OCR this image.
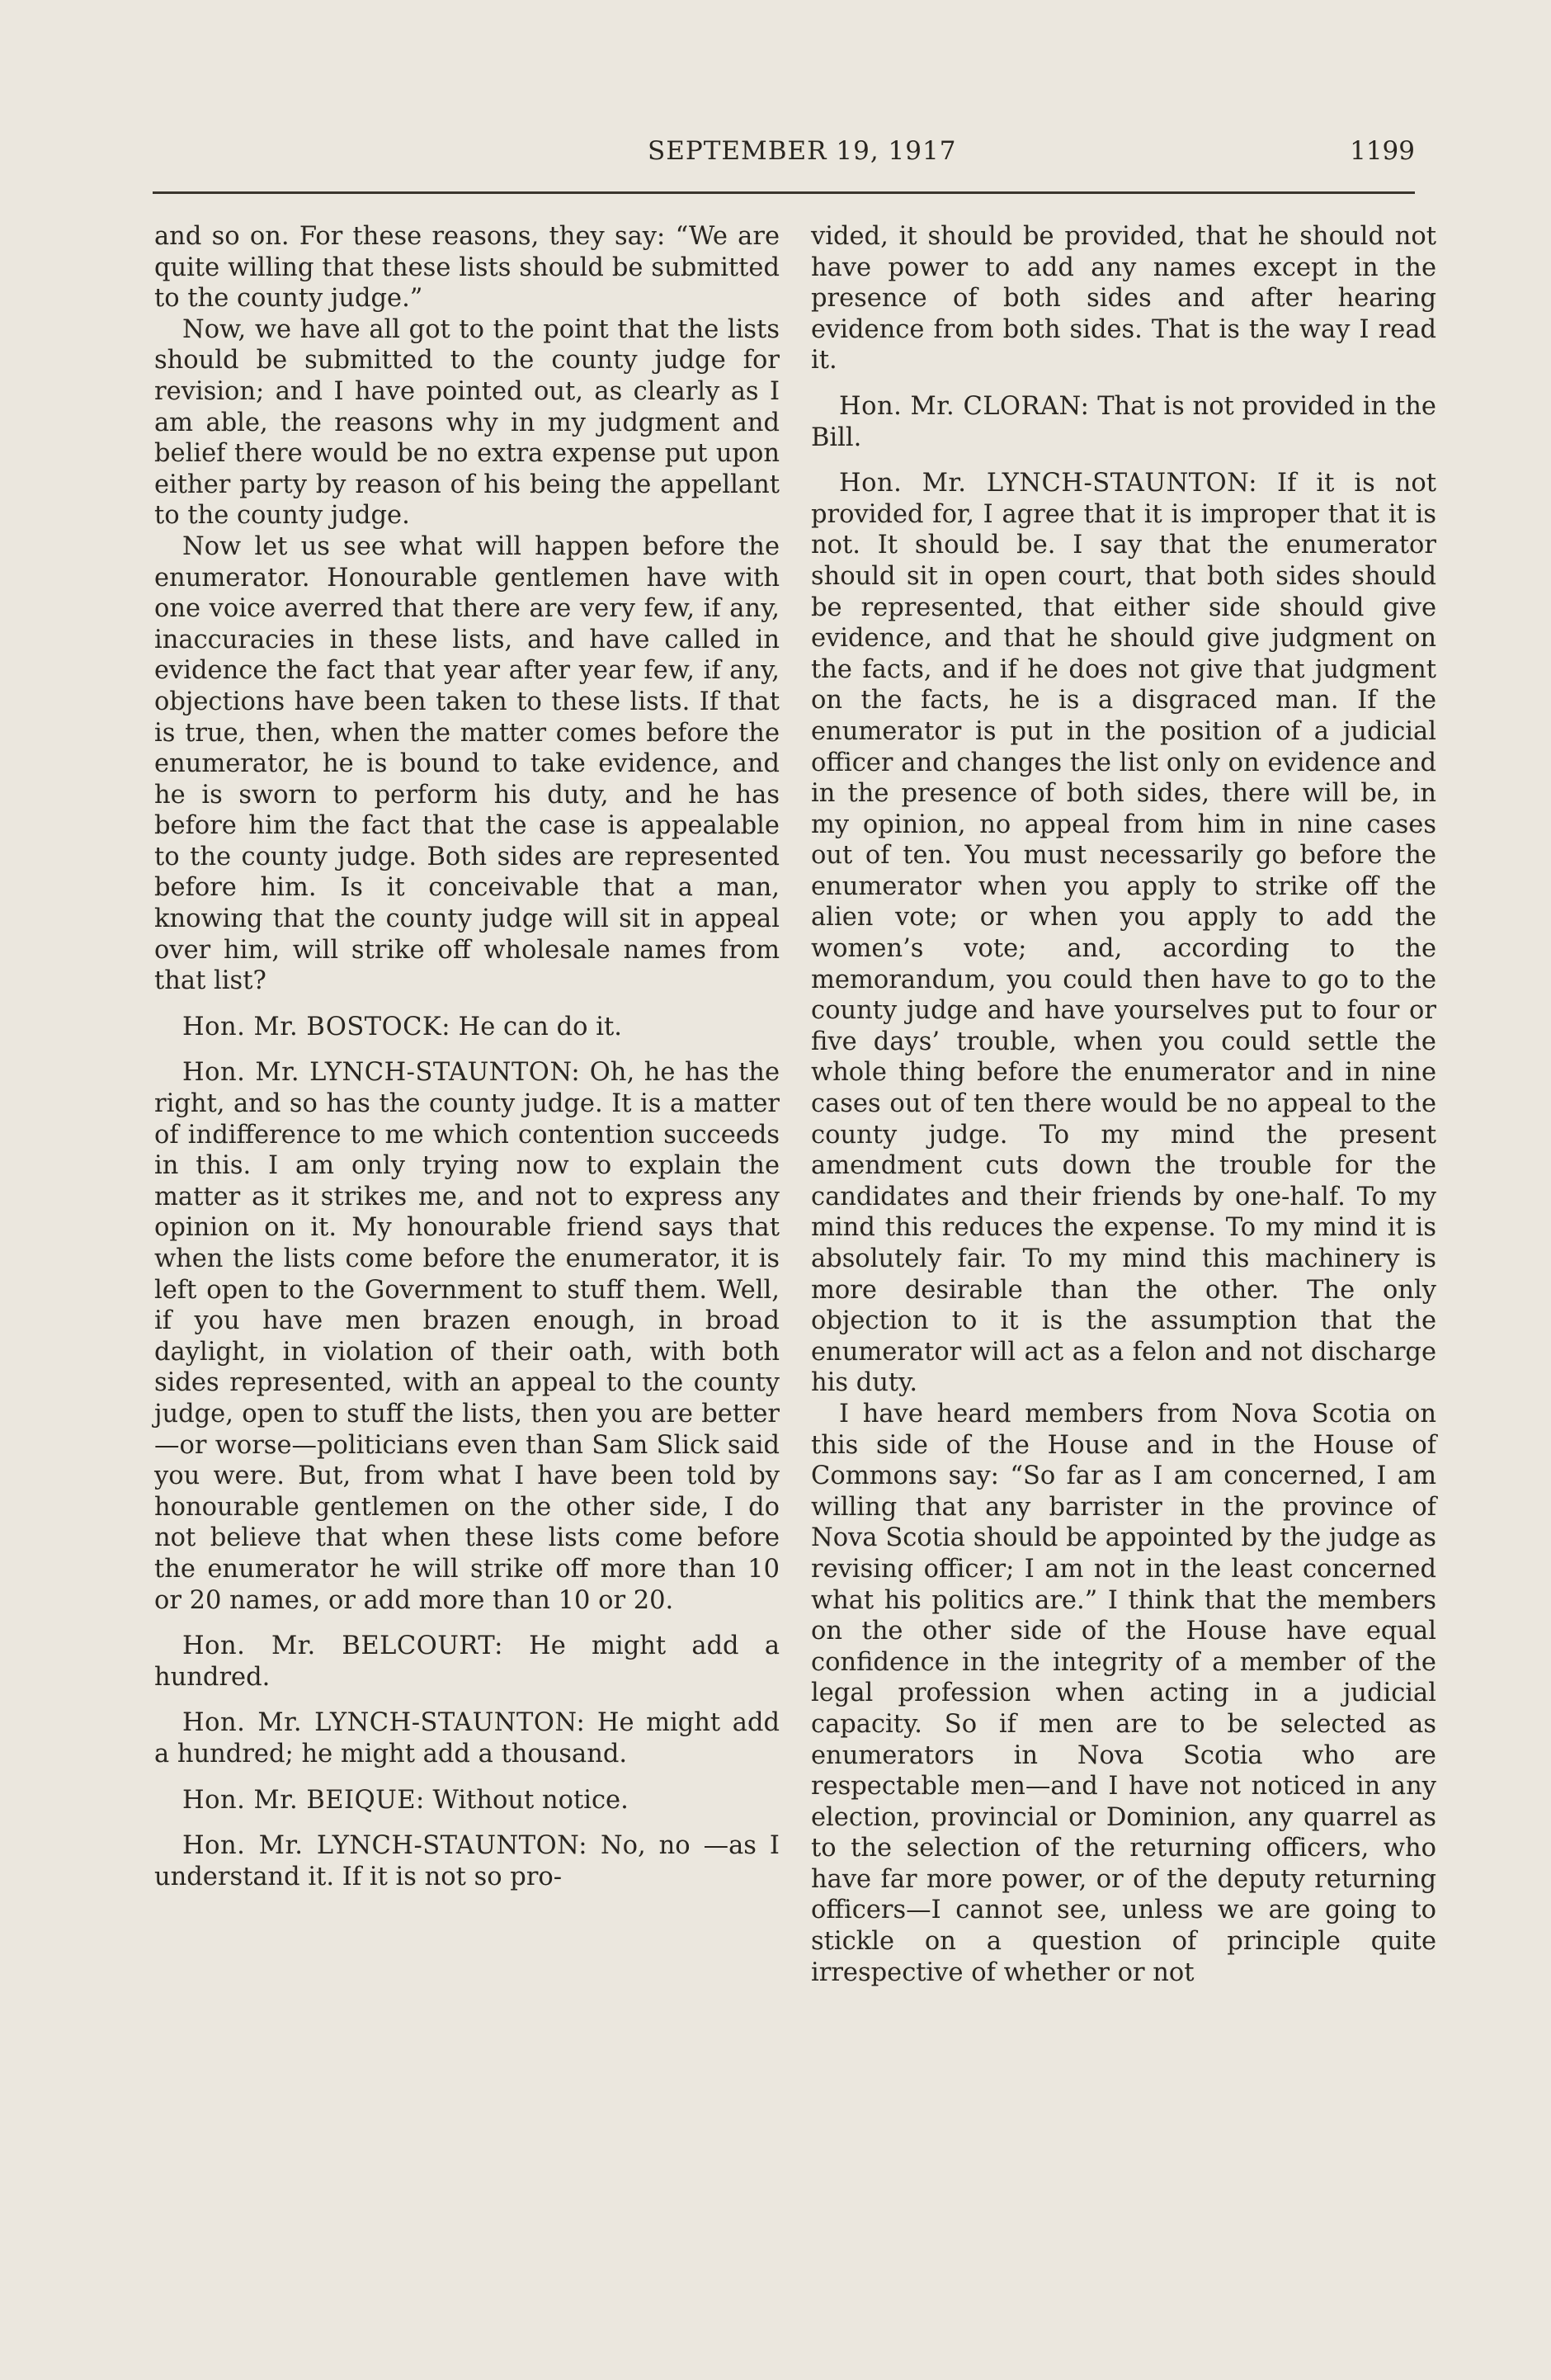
SEPTEMBER 19, 1917	1199

and so on. For these reasons, they say: “We are quite willing that these lists should be submitted to the county judge.”

Now, we have all got to the point that the lists should be submitted to the county judge for revision; and I have pointed out, as clearly as I am able, the reasons why in my judgment and belief there would be no extra expense put upon either party by reason of his being the appellant to the county judge.

Now let us see what will happen before the enumerator. Honourable gentlemen have with one voice averred that there are very few, if any, inaccuracies in these lists, and have called in evidence the fact that year after year few, if any, objections have been taken to these lists. If that is true, then, when the matter comes before the enumerator, he is bound to take evidence, and he is sworn to perform his duty, and he has before him the fact that the case is appealable to the county judge. Both sides are represented before him. Is it conceivable that a man, knowing that the county judge will sit in appeal over him, will strike off wholesale names from that list?

Hon. Mr. BOSTOCK: He can do it.

Hon. Mr. LYNCH-STAUNTON: Oh, he has the right, and so has the county judge. It is a matter of indifference to me which contention succeeds in this. I am only trying now to explain the matter as it strikes me, and not to express any opinion on it. My honourable friend says that when the lists come before the enumerator, it is left open to the Government to stuff them. Well, if you have men brazen enough, in broad daylight, in violation of their oath, with both sides represented, with an appeal to the county judge, open to stuff the lists, then you are better—or worse—politicians even than Sam Slick said you were. But, from what I have been told by honourable gentlemen on the other side, I do not believe that when these lists come before the enumerator he will strike off more than 10 or 20 names, or add more than 10 or 20.

Hon. Mr. BELCOURT: He might add a hundred.

Hon. Mr. LYNCH-STAUNTON: He might add a hundred; he might add a thousand.

Hon. Mr. BEIQUE: Without notice.

Hon. Mr. LYNCH-STAUNTON: No, no —as I understand it. If it is not so pro-

vided, it should be provided, that he should not have power to add any names except in the presence of both sides and after hearing evidence from both sides. That is the way I read it.

Hon. Mr. CLORAN: That is not provided in the Bill.

Hon. Mr. LYNCH-STAUNTON: If it is not provided for, I agree that it is improper that it is not. It should be. I say that the enumerator should sit in open court, that both sides should be represented, that either side should give evidence, and that he should give judgment on the facts, and if he does not give that judgment on the facts, he is a disgraced man. If the enumerator is put in the position of a judicial officer and changes the list only on evidence and in the presence of both sides, there will be, in my opinion, no appeal from him in nine cases out of ten. You must necessarily go before the enumerator when you apply to strike off the alien vote; or when you apply to add the women’s vote; and, according to the memorandum, you could then have to go to the county judge and have yourselves put to four or five days’ trouble, when you could settle the whole thing before the enumerator and in nine cases out of ten there would be no appeal to the county judge. To my mind the present amendment cuts down the trouble for the candidates and their friends by one-half. To my mind this reduces the expense. To my mind it is absolutely fair. To my mind this machinery is more desirable than the other. The only objection to it is the assumption that the enumerator will act as a felon and not discharge his duty.

I have heard members from Nova Scotia on this side of the House and in the House of Commons say: “So far as I am concerned, I am willing that any barrister in the province of Nova Scotia should be appointed by the judge as revising officer; I am not in the least concerned what his politics are.” I think that the members on the other side of the House have equal confidence in the integrity of a member of the legal profession when acting in a judicial capacity. So if men are to be selected as enumerators in Nova Scotia who are respectable men—and I have not noticed in any election, provincial or Dominion, any quarrel as to the selection of the returning officers, who have far more power, or of the deputy returning officers—I cannot see, unless we are going to stickle on a question of principle quite irrespective of whether or not
